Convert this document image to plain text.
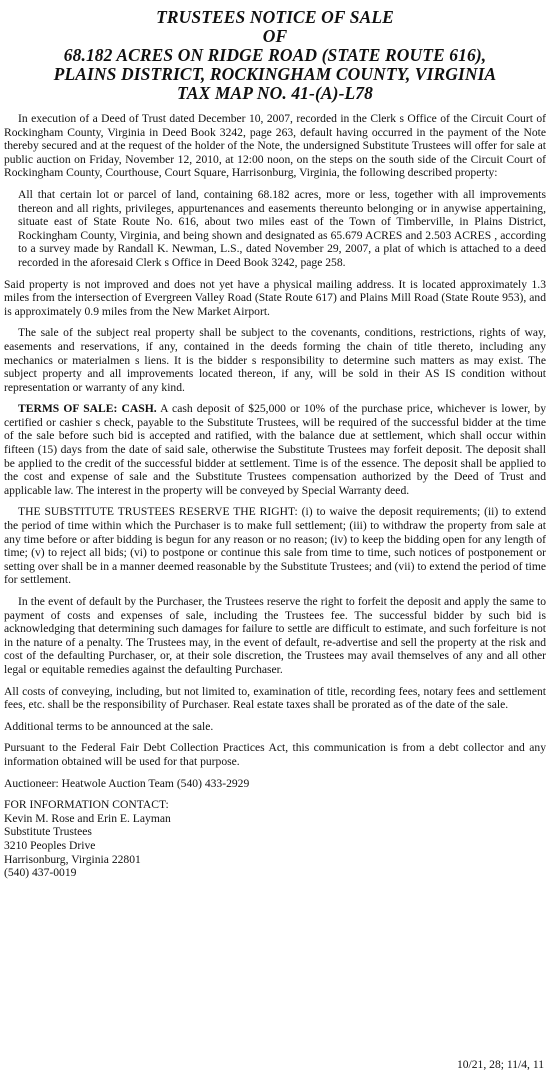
TRUSTEES NOTICE OF SALE
OF
68.182 ACRES ON RIDGE ROAD (STATE ROUTE 616),
PLAINS DISTRICT, ROCKINGHAM COUNTY, VIRGINIA
TAX MAP NO. 41-(A)-L78

In execution of a Deed of Trust dated December 10, 2007, recorded in the Clerk s Office of the Circuit Court of Rockingham County, Virginia in Deed Book 3242, page 263, default having occurred in the payment of the Note thereby secured and at the request of the holder of the Note, the undersigned Substitute Trustees will offer for sale at public auction on Friday, November 12, 2010, at 12:00 noon, on the steps on the south side of the Circuit Court of Rockingham County, Courthouse, Court Square, Harrisonburg, Virginia, the following described property:

All that certain lot or parcel of land, containing 68.182 acres, more or less, together with all improvements thereon and all rights, privileges, appurtenances and easements thereunto belonging or in anywise appertaining, situate east of State Route No. 616, about two miles east of the Town of Timberville, in Plains District, Rockingham County, Virginia, and being shown and designated as 65.679 ACRES and 2.503 ACRES , according to a survey made by Randall K. Newman, L.S., dated November 29, 2007, a plat of which is attached to a deed recorded in the aforesaid Clerk s Office in Deed Book 3242, page 258.

Said property is not improved and does not yet have a physical mailing address. It is located approximately 1.3 miles from the intersection of Evergreen Valley Road (State Route 617) and Plains Mill Road (State Route 953), and is approximately 0.9 miles from the New Market Airport.

The sale of the subject real property shall be subject to the covenants, conditions, restrictions, rights of way, easements and reservations, if any, contained in the deeds forming the chain of title thereto, including any mechanics or materialmen s liens. It is the bidder s responsibility to determine such matters as may exist. The subject property and all improvements located thereon, if any, will be sold in their AS IS condition without representation or warranty of any kind.

TERMS OF SALE: CASH. A cash deposit of $25,000 or 10% of the purchase price, whichever is lower, by certified or cashier s check, payable to the Substitute Trustees, will be required of the successful bidder at the time of the sale before such bid is accepted and ratified, with the balance due at settlement, which shall occur within fifteen (15) days from the date of said sale, otherwise the Substitute Trustees may forfeit deposit. The deposit shall be applied to the credit of the successful bidder at settlement. Time is of the essence. The deposit shall be applied to the cost and expense of sale and the Substitute Trustees compensation authorized by the Deed of Trust and applicable law. The interest in the property will be conveyed by Special Warranty deed.

THE SUBSTITUTE TRUSTEES RESERVE THE RIGHT: (i) to waive the deposit requirements; (ii) to extend the period of time within which the Purchaser is to make full settlement; (iii) to withdraw the property from sale at any time before or after bidding is begun for any reason or no reason; (iv) to keep the bidding open for any length of time; (v) to reject all bids; (vi) to postpone or continue this sale from time to time, such notices of postponement or setting over shall be in a manner deemed reasonable by the Substitute Trustees; and (vii) to extend the period of time for settlement.

In the event of default by the Purchaser, the Trustees reserve the right to forfeit the deposit and apply the same to payment of costs and expenses of sale, including the Trustees fee. The successful bidder by such bid is acknowledging that determining such damages for failure to settle are difficult to estimate, and such forfeiture is not in the nature of a penalty. The Trustees may, in the event of default, re-advertise and sell the property at the risk and cost of the defaulting Purchaser, or, at their sole discretion, the Trustees may avail themselves of any and all other legal or equitable remedies against the defaulting Purchaser.

All costs of conveying, including, but not limited to, examination of title, recording fees, notary fees and settlement fees, etc. shall be the responsibility of Purchaser. Real estate taxes shall be prorated as of the date of the sale.

Additional terms to be announced at the sale.

Pursuant to the Federal Fair Debt Collection Practices Act, this communication is from a debt collector and any information obtained will be used for that purpose.

Auctioneer: Heatwole Auction Team (540) 433-2929

FOR INFORMATION CONTACT:
Kevin M. Rose and Erin E. Layman
Substitute Trustees
3210 Peoples Drive
Harrisonburg, Virginia 22801
(540) 437-0019
10/21, 28; 11/4, 11
